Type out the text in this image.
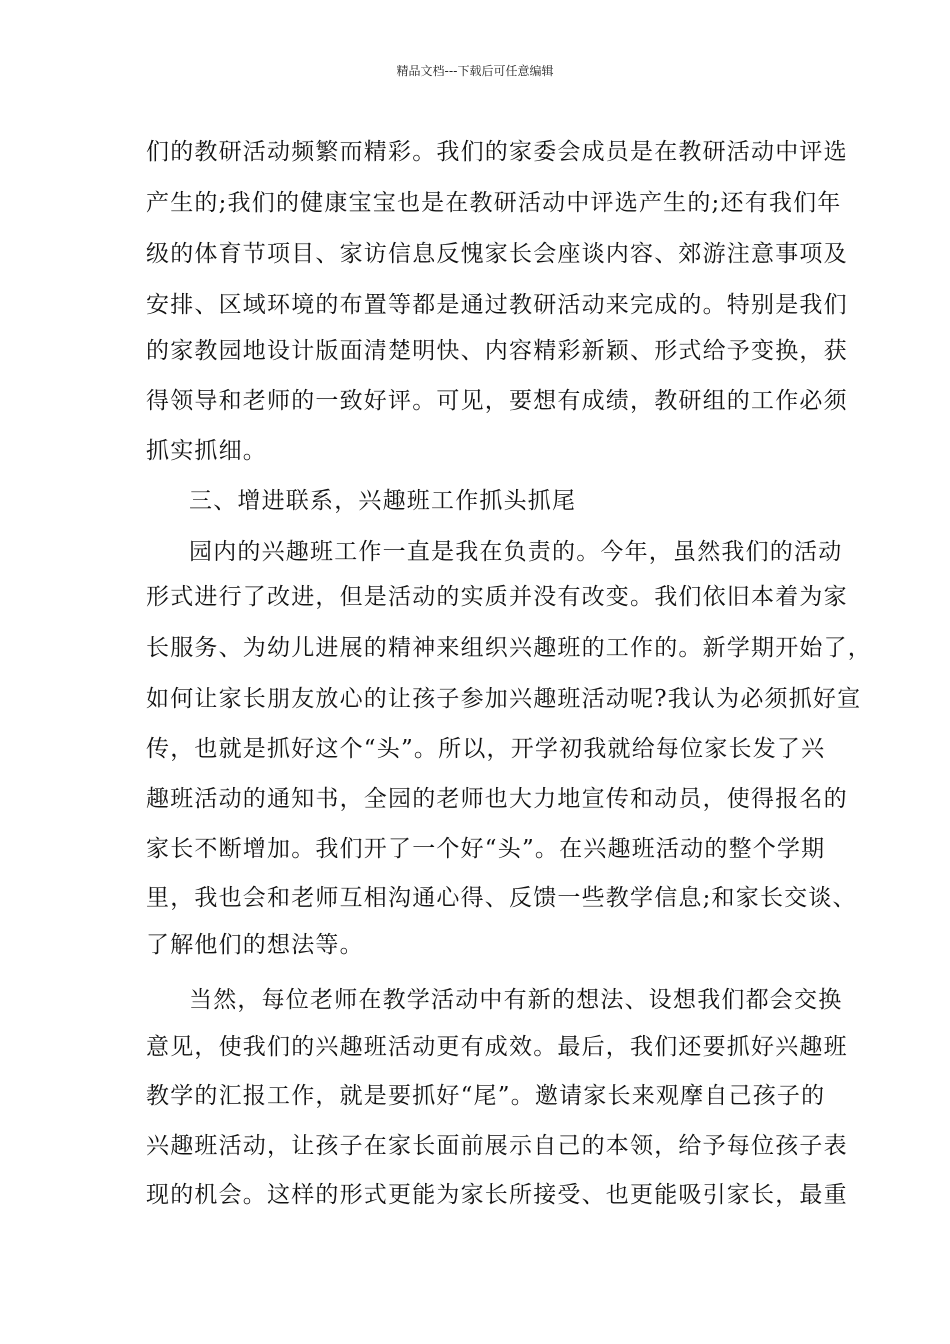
精品文档---下载后可任意编辑
们的教研活动频繁而精彩。我们的家委会成员是在教研活动中评选
产生的;我们的健康宝宝也是在教研活动中评选产生的;还有我们年
级的体育节项目、家访信息反愧家长会座谈内容、郊游注意事项及
安排、区域环境的布置等都是通过教研活动来完成的。特别是我们
的家教园地设计版面清楚明快、内容精彩新颖、形式给予变换，获
得领导和老师的一致好评。可见，要想有成绩，教研组的工作必须
抓实抓细。
三、增进联系，兴趣班工作抓头抓尾
园内的兴趣班工作一直是我在负责的。今年，虽然我们的活动
形式进行了改进，但是活动的实质并没有改变。我们依旧本着为家
长服务、为幼儿进展的精神来组织兴趣班的工作的。新学期开始了，
如何让家长朋友放心的让孩子参加兴趣班活动呢?我认为必须抓好宣
传，也就是抓好这个“头”。所以，开学初我就给每位家长发了兴
趣班活动的通知书，全园的老师也大力地宣传和动员，使得报名的
家长不断增加。我们开了一个好“头”。在兴趣班活动的整个学期
里，我也会和老师互相沟通心得、反馈一些教学信息;和家长交谈、
了解他们的想法等。
当然，每位老师在教学活动中有新的想法、设想我们都会交换
意见，使我们的兴趣班活动更有成效。最后，我们还要抓好兴趣班
教学的汇报工作，就是要抓好“尾”。邀请家长来观摩自己孩子的
兴趣班活动，让孩子在家长面前展示自己的本领，给予每位孩子表
现的机会。这样的形式更能为家长所接受、也更能吸引家长，最重
